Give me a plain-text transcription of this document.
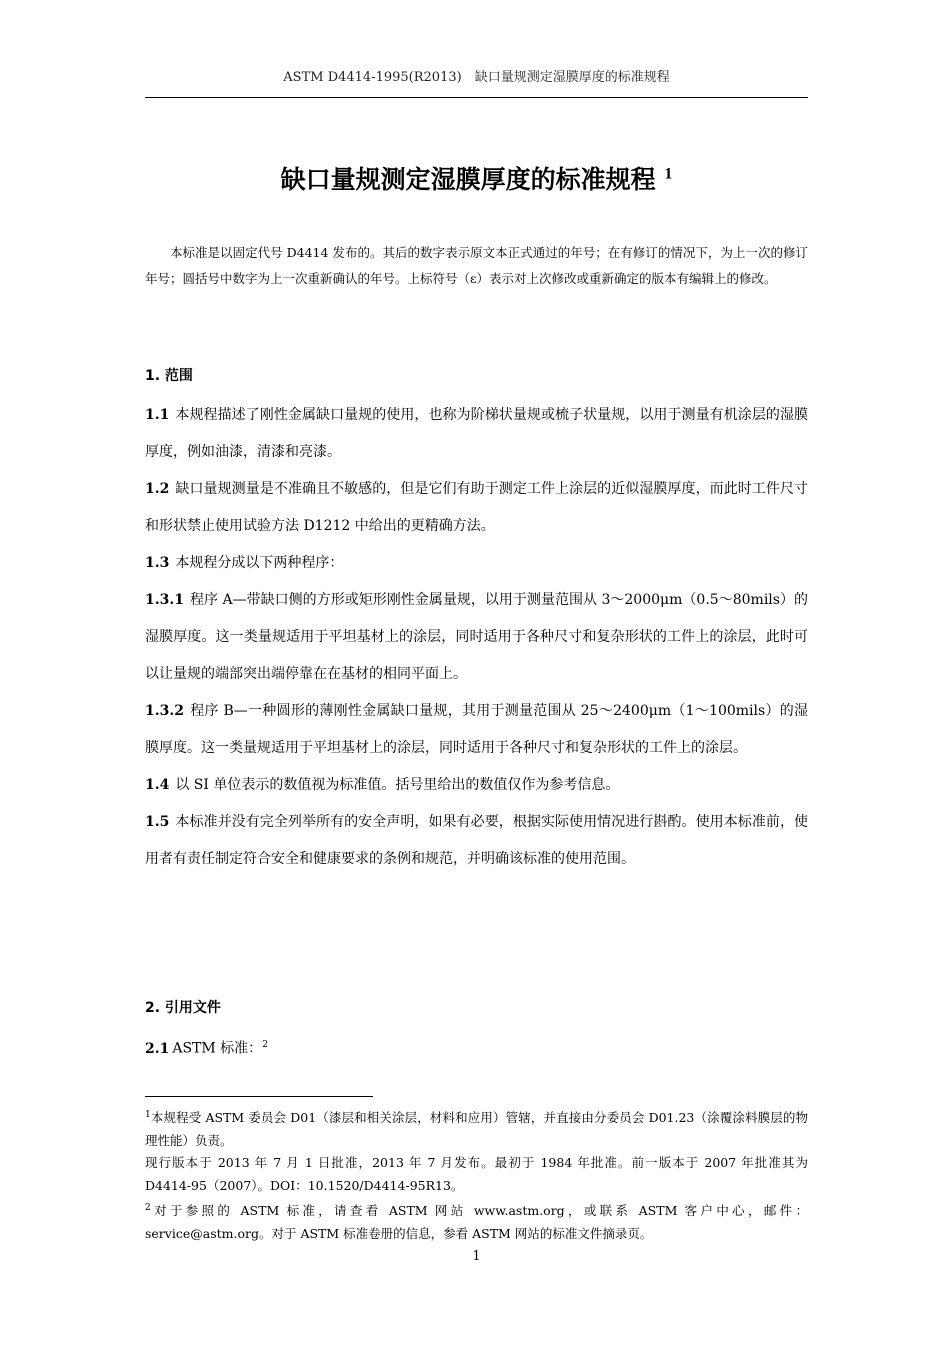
ASTM D4414-1995(R2013)　缺口量规测定湿膜厚度的标准规程
缺口量规测定湿膜厚度的标准规程 $^1$
本标准是以固定代号 D4414 发布的。其后的数字表示原文本正式通过的年号；在有修订的情况下，为上一次的修订年号；圆括号中数字为上一次重新确认的年号。上标符号（ε）表示对上次修改或重新确定的版本有编辑上的修改。
1. 范围

1.1 本规程描述了刚性金属缺口量规的使用，也称为阶梯状量规或梳子状量规，以用于测量有机涂层的湿膜厚度，例如油漆，清漆和亮漆。

1.2 缺口量规测量是不准确且不敏感的，但是它们有助于测定工件上涂层的近似湿膜厚度，而此时工件尺寸和形状禁止使用试验方法 D1212 中给出的更精确方法。

1.3 本规程分成以下两种程序：

1.3.1 程序 A—带缺口侧的方形或矩形刚性金属量规，以用于测量范围从 3～2000μm（0.5～80mils）的湿膜厚度。这一类量规适用于平坦基材上的涂层，同时适用于各种尺寸和复杂形状的工件上的涂层，此时可以让量规的端部突出端停靠在在基材的相同平面上。

1.3.2 程序 B—一种圆形的薄刚性金属缺口量规，其用于测量范围从 25～2400μm（1～100mils）的湿膜厚度。这一类量规适用于平坦基材上的涂层，同时适用于各种尺寸和复杂形状的工件上的涂层。

1.4 以 SI 单位表示的数值视为标准值。括号里给出的数值仅作为参考信息。

1.5 本标准并没有完全列举所有的安全声明，如果有必要，根据实际使用情况进行斟酌。使用本标准前，使用者有责任制定符合安全和健康要求的条例和规范，并明确该标准的使用范围。

2. 引用文件

2.1 ASTM 标准：$^2$

$^1$本规程受 ASTM 委员会 D01（漆层和相关涂层，材料和应用）管辖，并直接由分委员会 D01.23（涂覆涂料膜层的物理性能）负责。

现行版本于 2013 年 7 月 1 日批准，2013 年 7 月发布。最初于 1984 年批准。前一版本于 2007 年批准其为 D4414-95（2007）。DOI：10.1520/D4414-95R13。

$^2$对于参照的 ASTM 标准，请查看 ASTM 网站 www.astm.org，或联系 ASTM 客户中心，邮件：service@astm.org。对于 ASTM 标准卷册的信息，参看 ASTM 网站的标准文件摘录页。

1
